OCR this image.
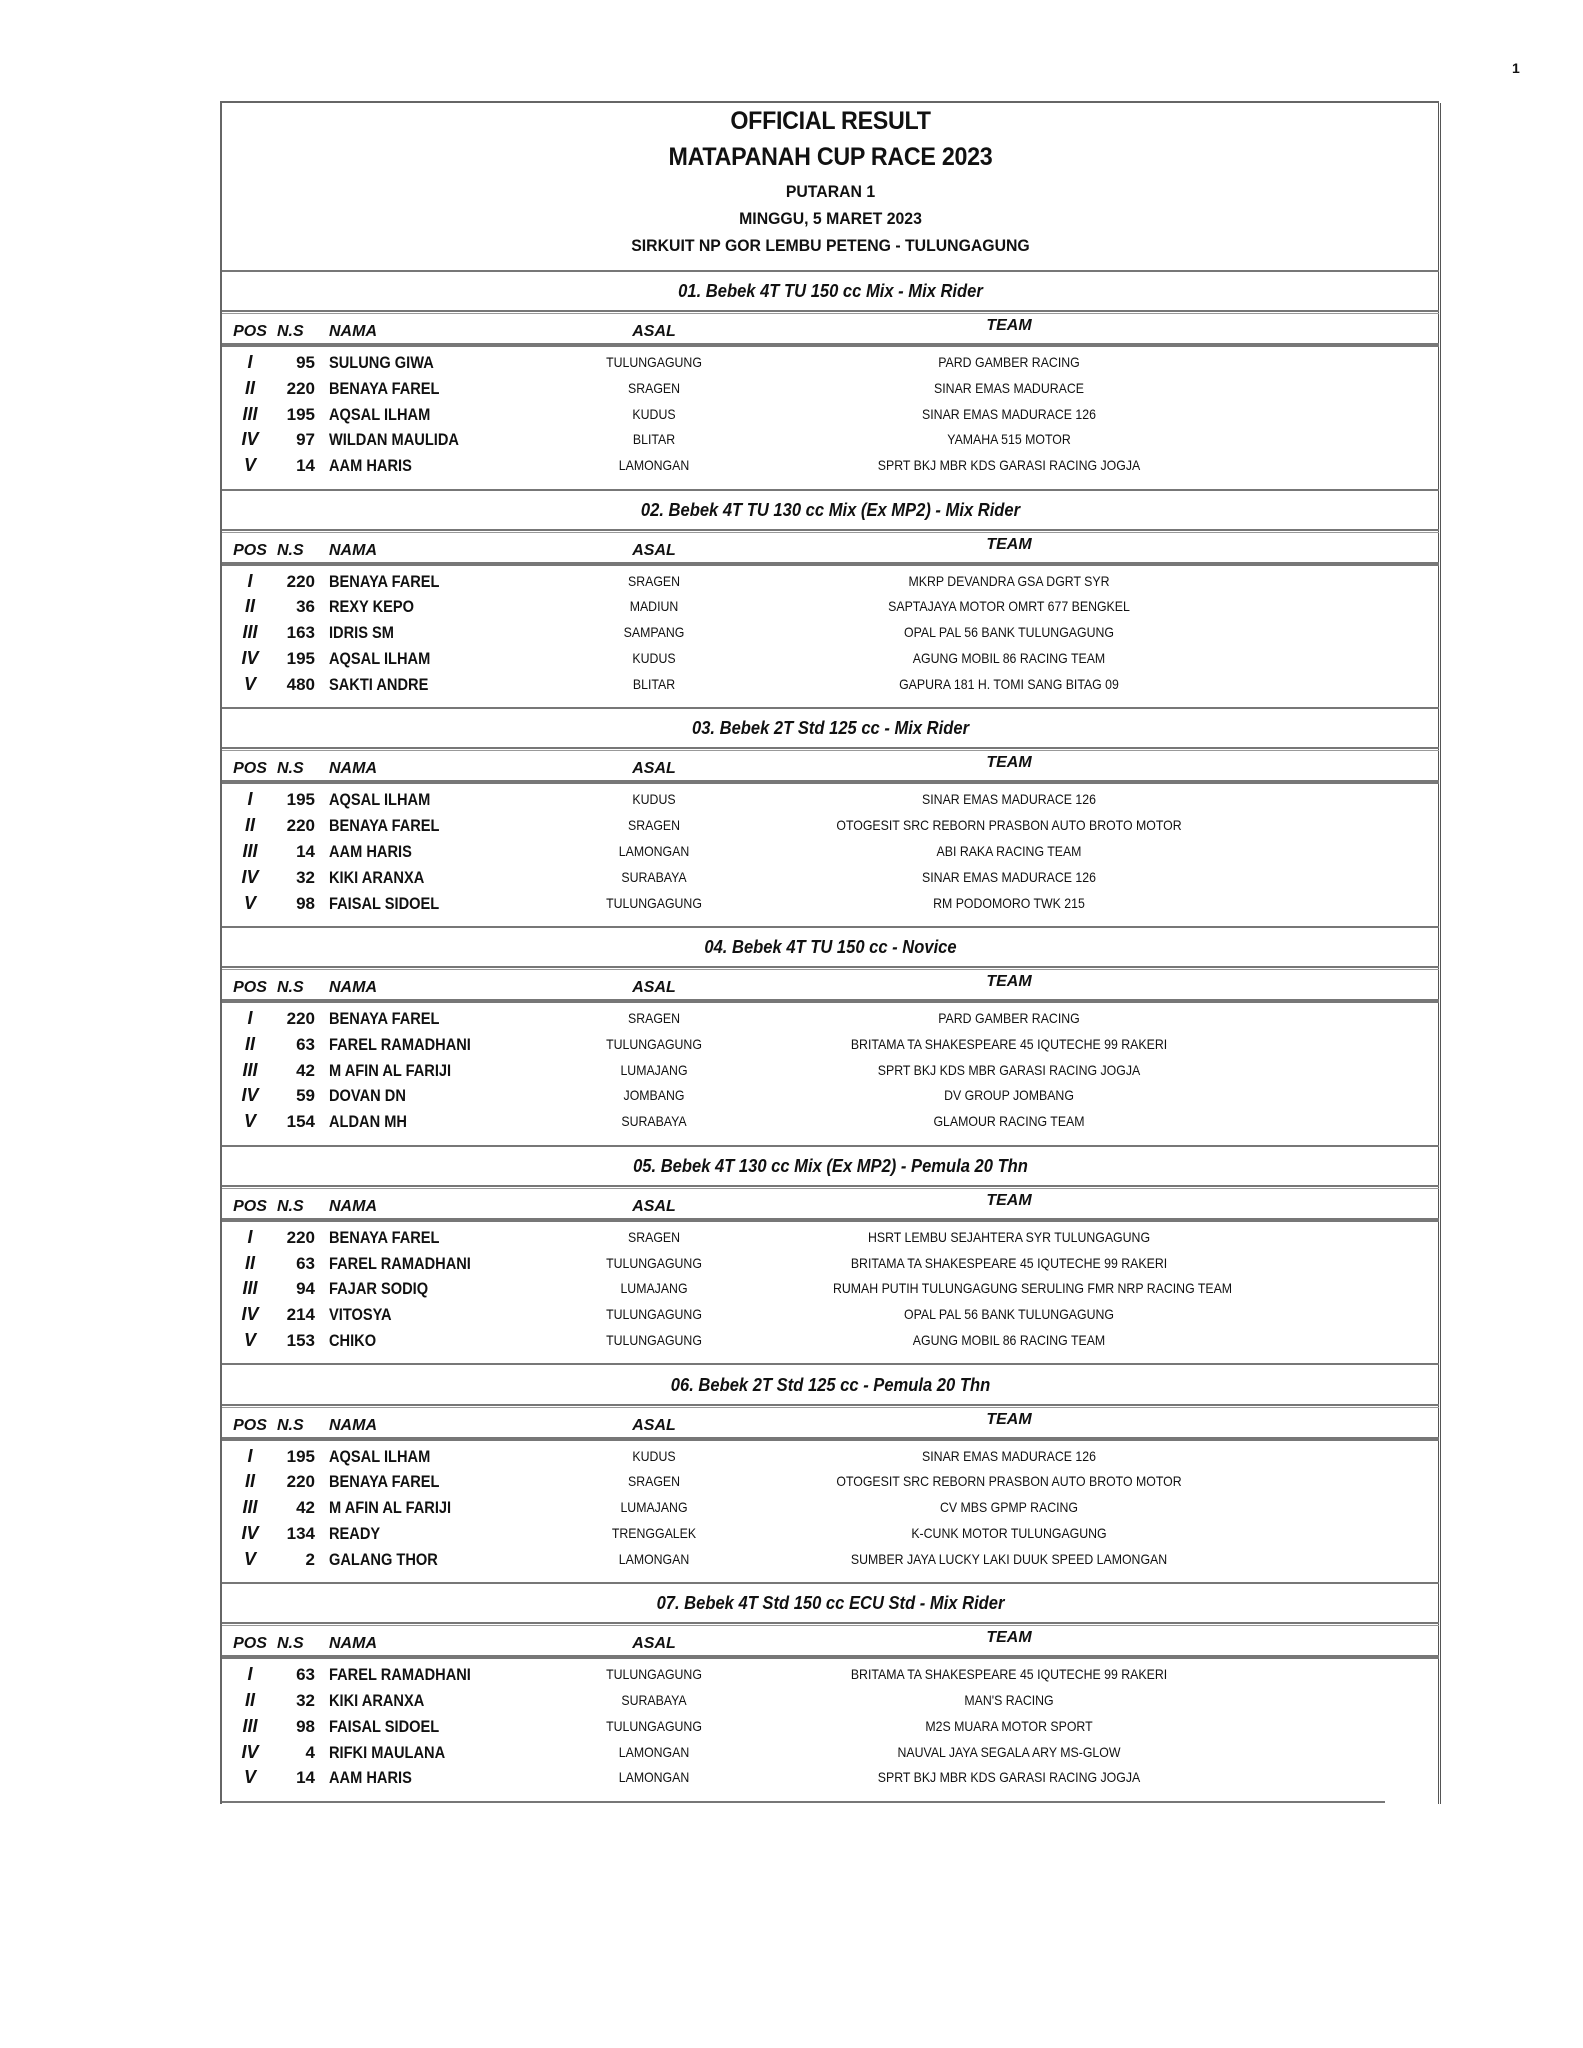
1
OFFICIAL RESULT
MATAPANAH CUP RACE 2023
PUTARAN 1
MINGGU, 5 MARET 2023
SIRKUIT NP GOR LEMBU PETENG - TULUNGAGUNG
01. Bebek 4T TU 150 cc Mix - Mix Rider
POS N.S	NAMA	ASAL	TEAM
I	95 SULUNG GIWA	TULUNGAGUNG	PARD GAMBER RACING
II	220 BENAYA FAREL	SRAGEN	SINAR EMAS MADURACE
III	195 AQSAL ILHAM	KUDUS	SINAR EMAS MADURACE 126
IV	97 WILDAN MAULIDA	BLITAR	YAMAHA 515 MOTOR
V	14 AAM HARIS	LAMONGAN	SPRT BKJ MBR KDS GARASI RACING JOGJA
02. Bebek 4T TU 130 cc Mix (Ex MP2) - Mix Rider
POS N.S	NAMA	ASAL	TEAM
I	220 BENAYA FAREL	SRAGEN	MKRP DEVANDRA GSA DGRT SYR
II	36 REXY KEPO	MADIUN	SAPTAJAYA MOTOR OMRT 677 BENGKEL
III	163 IDRIS SM	SAMPANG	OPAL PAL 56 BANK TULUNGAGUNG
IV	195 AQSAL ILHAM	KUDUS	AGUNG MOBIL 86 RACING TEAM
V	480 SAKTI ANDRE	BLITAR	GAPURA 181 H. TOMI SANG BITAG 09
03. Bebek 2T Std 125 cc - Mix Rider
POS N.S	NAMA	ASAL	TEAM
I	195 AQSAL ILHAM	KUDUS	SINAR EMAS MADURACE 126
II	220 BENAYA FAREL	SRAGEN	OTOGESIT SRC REBORN PRASBON AUTO BROTO MOTOR
III	14 AAM HARIS	LAMONGAN	ABI RAKA RACING TEAM
IV	32 KIKI ARANXA	SURABAYA	SINAR EMAS MADURACE 126
V	98 FAISAL SIDOEL	TULUNGAGUNG	RM PODOMORO TWK 215
04. Bebek 4T TU 150 cc - Novice
POS N.S	NAMA	ASAL	TEAM
I	220 BENAYA FAREL	SRAGEN	PARD GAMBER RACING
II	63 FAREL RAMADHANI	TULUNGAGUNG	BRITAMA TA SHAKESPEARE 45 IQUTECHE 99 RAKERI
III	42 M AFIN AL FARIJI	LUMAJANG	SPRT BKJ KDS MBR GARASI RACING JOGJA
IV	59 DOVAN DN	JOMBANG	DV GROUP JOMBANG
V	154 ALDAN MH	SURABAYA	GLAMOUR RACING TEAM
05. Bebek 4T 130 cc Mix (Ex MP2) - Pemula 20 Thn
POS N.S	NAMA	ASAL	TEAM
I	220 BENAYA FAREL	SRAGEN	HSRT LEMBU SEJAHTERA SYR TULUNGAGUNG
II	63 FAREL RAMADHANI	TULUNGAGUNG	BRITAMA TA SHAKESPEARE 45 IQUTECHE 99 RAKERI
III	94 FAJAR SODIQ	LUMAJANG	RUMAH PUTIH TULUNGAGUNG SERULING FMR NRP RACING TEAM
IV	214 VITOSYA	TULUNGAGUNG	OPAL PAL 56 BANK TULUNGAGUNG
V	153 CHIKO	TULUNGAGUNG	AGUNG MOBIL 86 RACING TEAM
06. Bebek 2T Std 125 cc - Pemula 20 Thn
POS N.S	NAMA	ASAL	TEAM
I	195 AQSAL ILHAM	KUDUS	SINAR EMAS MADURACE 126
II	220 BENAYA FAREL	SRAGEN	OTOGESIT SRC REBORN PRASBON AUTO BROTO MOTOR
III	42 M AFIN AL FARIJI	LUMAJANG	CV MBS GPMP RACING
IV	134 READY	TRENGGALEK	K-CUNK MOTOR TULUNGAGUNG
V	2 GALANG THOR	LAMONGAN	SUMBER JAYA LUCKY LAKI DUUK SPEED LAMONGAN
07. Bebek 4T Std 150 cc ECU Std - Mix Rider
POS N.S	NAMA	ASAL	TEAM
I	63 FAREL RAMADHANI	TULUNGAGUNG	BRITAMA TA SHAKESPEARE 45 IQUTECHE 99 RAKERI
II	32 KIKI ARANXA	SURABAYA	MAN'S RACING
III	98 FAISAL SIDOEL	TULUNGAGUNG	M2S MUARA MOTOR SPORT
IV	4 RIFKI MAULANA	LAMONGAN	NAUVAL JAYA SEGALA ARY MS-GLOW
V	14 AAM HARIS	LAMONGAN	SPRT BKJ MBR KDS GARASI RACING JOGJA
